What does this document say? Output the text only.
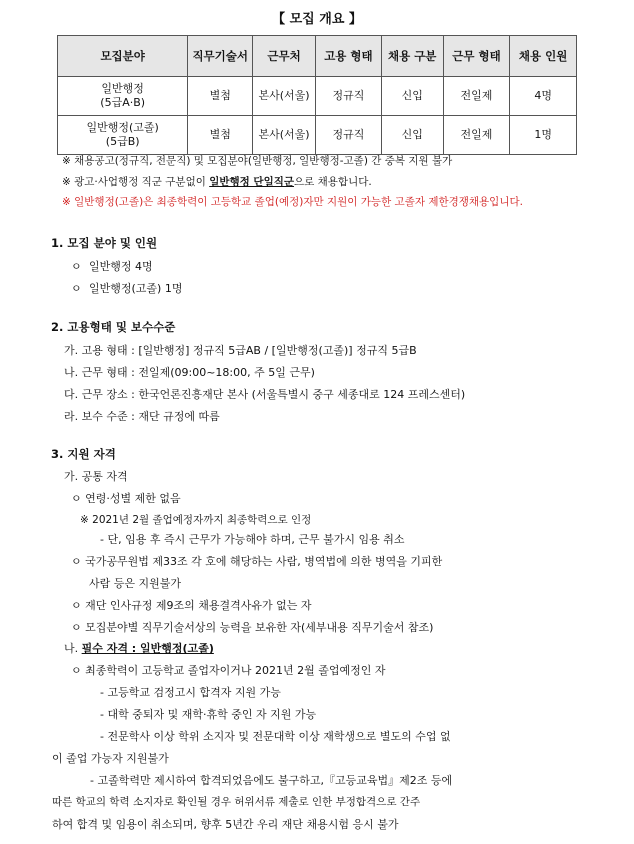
【 모집 개요 】
모집분야	직무기술서	근무처	고용 형태	채용 구분	근무 형태	채용 인원
일반행정
(5급A·B)	별첨	본사(서울)	정규직	신입	전일제	4명
일반행정(고졸)
(5급B)	별첨	본사(서울)	정규직	신입	전일제	1명
※ 채용공고(정규직, 전문직) 및 모집분야(일반행정, 일반행정-고졸) 간 중복 지원 불가
※ 광고·사업행정 직군 구분없이 일반행정 단일직군으로 채용합니다.
※ 일반행정(고졸)은 최종학력이 고등학교 졸업(예정)자만 지원이 가능한 고졸자 제한경쟁채용입니다.
1. 모집 분야 및 인원
ㅇ 일반행정 4명
ㅇ 일반행정(고졸) 1명
2. 고용형태 및 보수수준
가. 고용 형태 : [일반행정] 정규직 5급AB / [일반행정(고졸)] 정규직 5급B
나. 근무 형태 : 전일제(09:00~18:00, 주 5일 근무)
다. 근무 장소 : 한국언론진흥재단 본사 (서울특별시 중구 세종대로 124 프레스센터)
라. 보수 수준 : 재단 규정에 따름
3. 지원 자격
가. 공통 자격
ㅇ 연령·성별 제한 없음
※ 2021년 2월 졸업예정자까지 최종학력으로 인정
- 단, 임용 후 즉시 근무가 가능해야 하며, 근무 불가시 임용 취소
ㅇ 국가공무원법 제33조 각 호에 해당하는 사람, 병역법에 의한 병역을 기피한
사람 등은 지원불가
ㅇ 재단 인사규정 제9조의 채용결격사유가 없는 자
ㅇ 모집분야별 직무기술서상의 능력을 보유한 자(세부내용 직무기술서 참조)
나. 필수 자격 : 일반행정(고졸)
ㅇ 최종학력이 고등학교 졸업자이거나 2021년 2월 졸업예정인 자
- 고등학교 검정고시 합격자 지원 가능
- 대학 중퇴자 및 재학·휴학 중인 자 지원 가능
- 전문학사 이상 학위 소지자 및 전문대학 이상 재학생으로 별도의 수업 없
이 졸업 가능자 지원불가
- 고졸학력만 제시하여 합격되었음에도 불구하고,『고등교육법』제2조 등에
따른 학교의 학력 소지자로 확인될 경우 허위서류 제출로 인한 부정합격으로 간주
하여 합격 및 임용이 취소되며, 향후 5년간 우리 재단 채용시험 응시 불가
